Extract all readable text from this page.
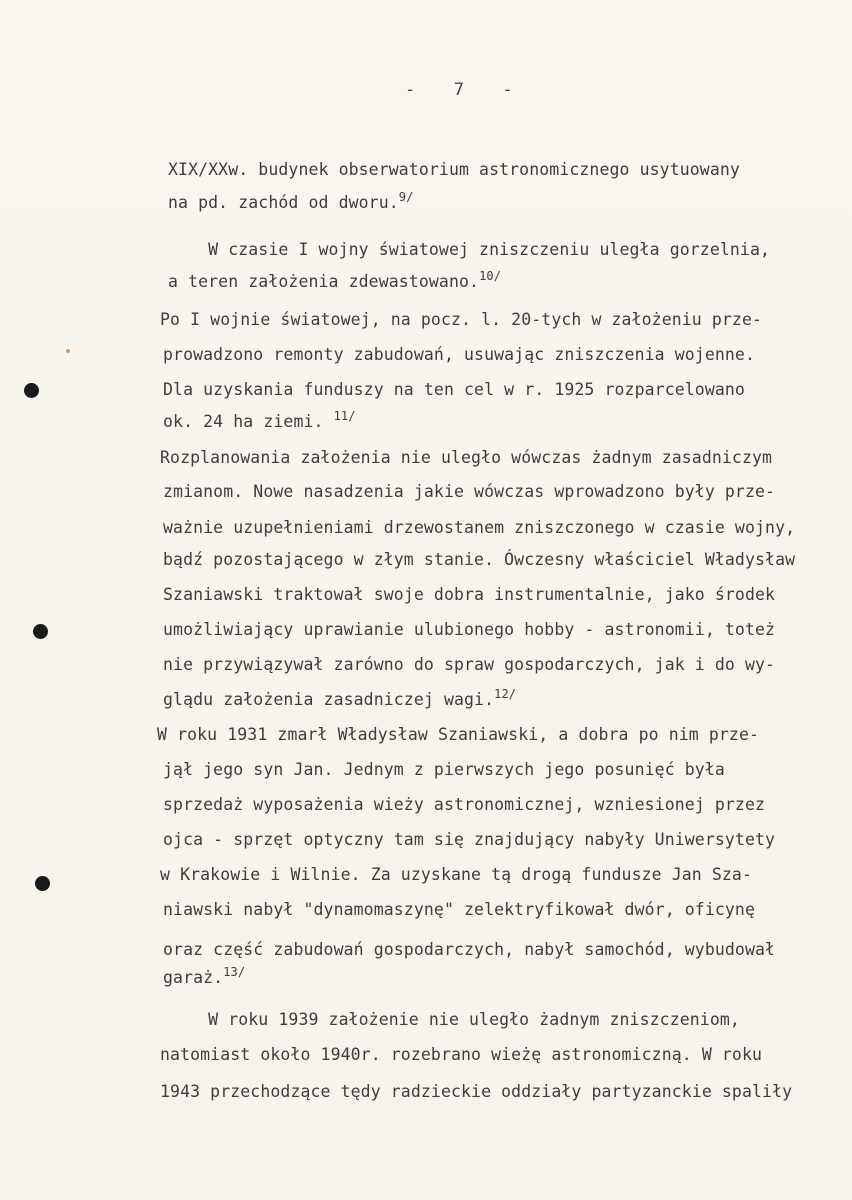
-  7  -
XIX/XXw. budynek obserwatorium astronomicznego usytuowany
na pd. zachód od dworu.$^{9/}$
W czasie I wojny światowej zniszczeniu uległa gorzelnia,
a teren założenia zdewastowano.$^{10/}$
Po I wojnie światowej, na pocz. l. 20-tych w założeniu prze-
prowadzono remonty zabudowań, usuwając zniszczenia wojenne.
Dla uzyskania funduszy na ten cel w r. 1925 rozparcelowano
ok. 24 ha ziemi. $^{11/}$
Rozplanowania założenia nie uległo wówczas żadnym zasadniczym
zmianom. Nowe nasadzenia jakie wówczas wprowadzono były prze-
ważnie uzupełnieniami drzewostanem zniszczonego w czasie wojny,
bądź pozostającego w złym stanie. Ówczesny właściciel Władysław
Szaniawski traktował swoje dobra instrumentalnie, jako środek
umożliwiający uprawianie ulubionego hobby - astronomii, toteż
nie przywiązywał zarówno do spraw gospodarczych, jak i do wy-
glądu założenia zasadniczej wagi.$^{12/}$
W roku 1931 zmarł Władysław Szaniawski, a dobra po nim prze-
jął jego syn Jan. Jednym z pierwszych jego posunięć była
sprzedaż wyposażenia wieży astronomicznej, wzniesionej przez
ojca - sprzęt optyczny tam się znajdujący nabyły Uniwersytety
w Krakowie i Wilnie. Za uzyskane tą drogą fundusze Jan Sza-
niawski nabył "dynamomaszynę" zelektryfikował dwór, oficynę
oraz część zabudowań gospodarczych, nabył samochód, wybudował
garaż.$^{13/}$
W roku 1939 założenie nie uległo żadnym zniszczeniom,
natomiast około 1940r. rozebrano wieżę astronomiczną. W roku
1943 przechodzące tędy radzieckie oddziały partyzanckie spaliły
